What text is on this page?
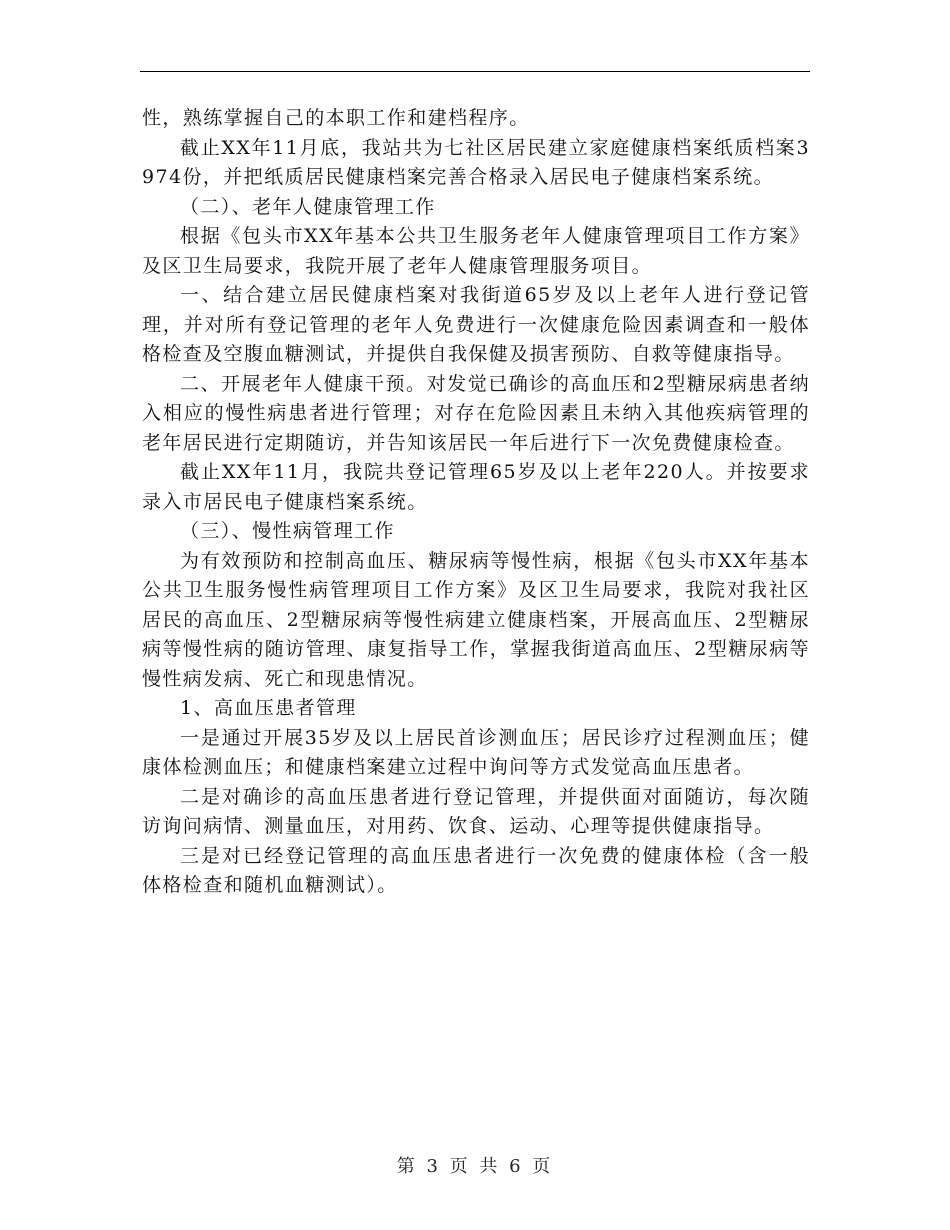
性，熟练掌握自己的本职工作和建档程序。

截止XX年11月底，我站共为七社区居民建立家庭健康档案纸质档案3974份，并把纸质居民健康档案完善合格录入居民电子健康档案系统。

（二）、老年人健康管理工作

根据《包头市XX年基本公共卫生服务老年人健康管理项目工作方案》及区卫生局要求，我院开展了老年人健康管理服务项目。

一、结合建立居民健康档案对我街道65岁及以上老年人进行登记管理，并对所有登记管理的老年人免费进行一次健康危险因素调查和一般体格检查及空腹血糖测试，并提供自我保健及损害预防、自救等健康指导。

二、开展老年人健康干预。对发觉已确诊的高血压和2型糖尿病患者纳入相应的慢性病患者进行管理；对存在危险因素且未纳入其他疾病管理的老年居民进行定期随访，并告知该居民一年后进行下一次免费健康检查。

截止XX年11月，我院共登记管理65岁及以上老年220人。并按要求录入市居民电子健康档案系统。

（三）、慢性病管理工作

为有效预防和控制高血压、糖尿病等慢性病，根据《包头市XX年基本公共卫生服务慢性病管理项目工作方案》及区卫生局要求，我院对我社区居民的高血压、2型糖尿病等慢性病建立健康档案，开展高血压、2型糖尿病等慢性病的随访管理、康复指导工作，掌握我街道高血压、2型糖尿病等慢性病发病、死亡和现患情况。

1、高血压患者管理

一是通过开展35岁及以上居民首诊测血压；居民诊疗过程测血压；健康体检测血压；和健康档案建立过程中询问等方式发觉高血压患者。

二是对确诊的高血压患者进行登记管理，并提供面对面随访，每次随访询问病情、测量血压，对用药、饮食、运动、心理等提供健康指导。

三是对已经登记管理的高血压患者进行一次免费的健康体检（含一般体格检查和随机血糖测试）。

第 3 页 共 6 页
